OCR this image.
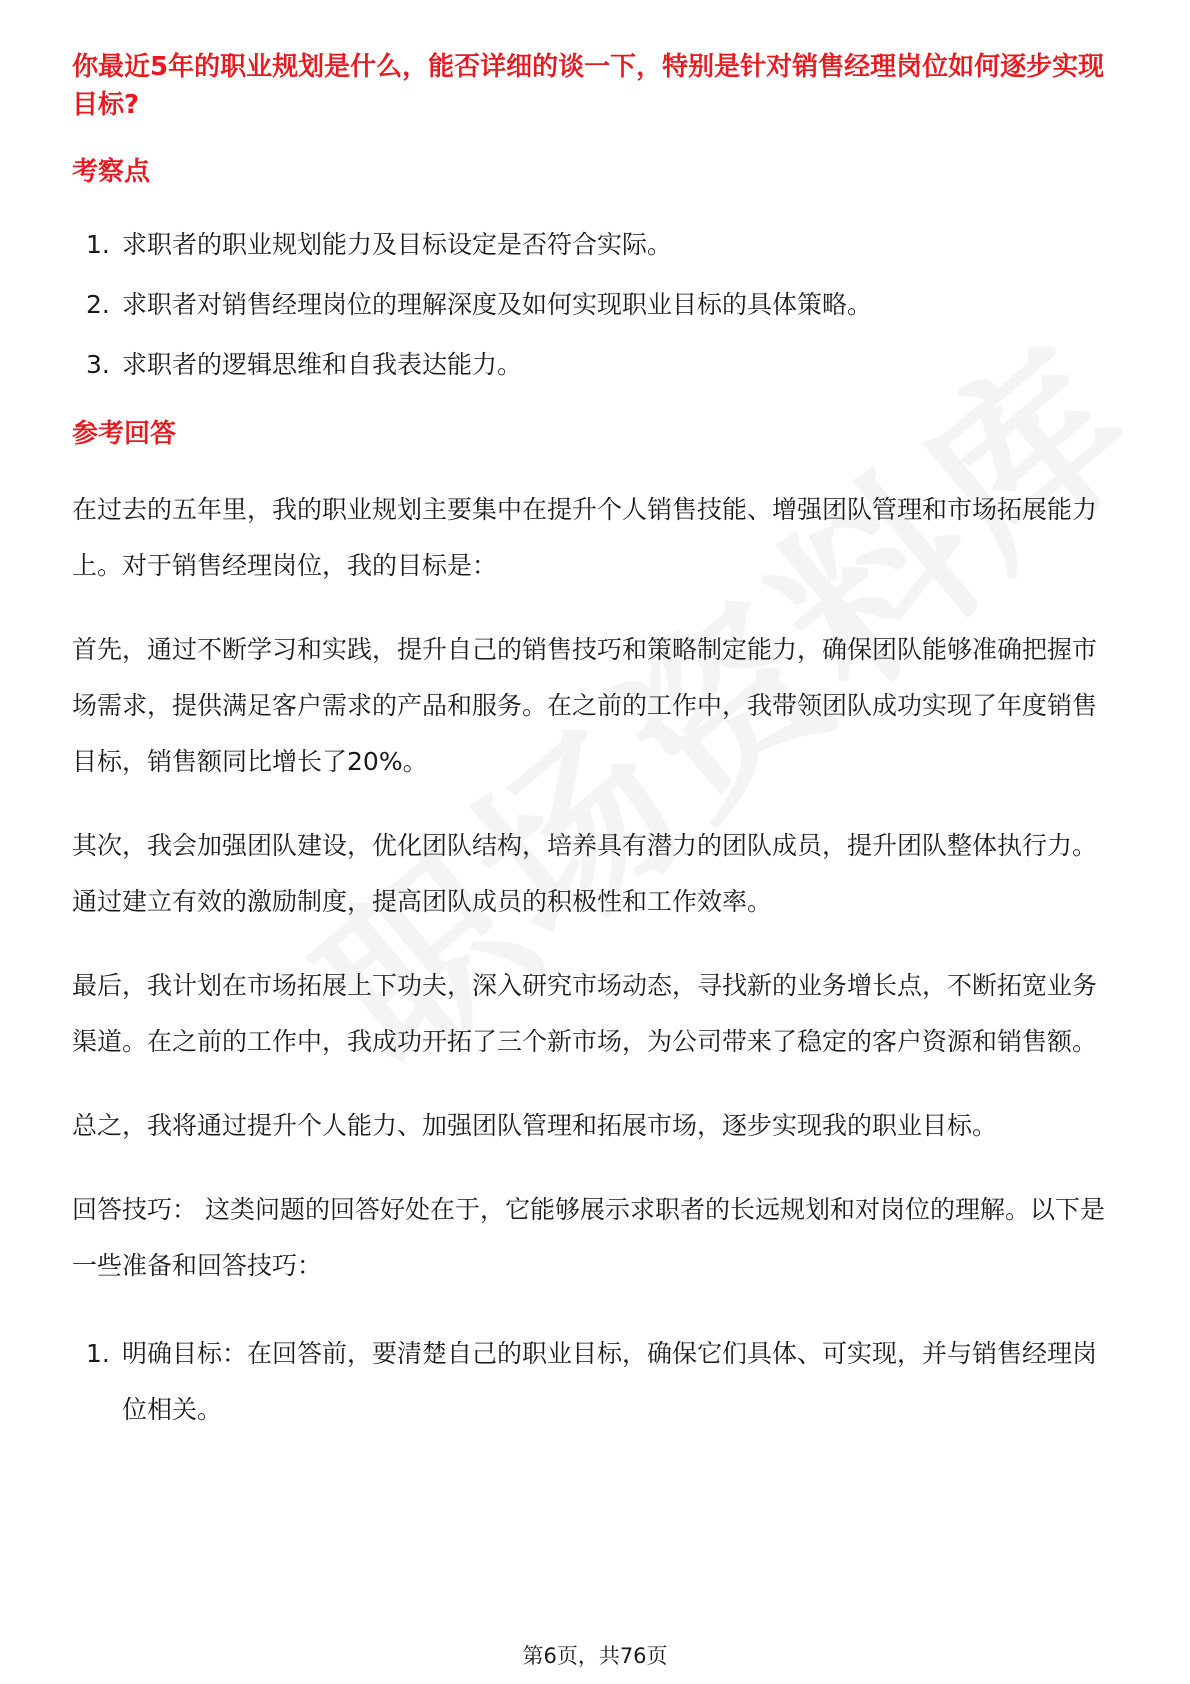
你最近5年的职业规划是什么，能否详细的谈一下，特别是针对销售经理岗位如何逐步实现目标?

考察点
1. 求职者的职业规划能力及目标设定是否符合实际。
2. 求职者对销售经理岗位的理解深度及如何实现职业目标的具体策略。
3. 求职者的逻辑思维和自我表达能力。
参考回答

在过去的五年里，我的职业规划主要集中在提升个人销售技能、增强团队管理和市场拓展能力上。对于销售经理岗位，我的目标是：

首先，通过不断学习和实践，提升自己的销售技巧和策略制定能力，确保团队能够准确把握市场需求，提供满足客户需求的产品和服务。在之前的工作中，我带领团队成功实现了年度销售目标，销售额同比增长了20%。

其次，我会加强团队建设，优化团队结构，培养具有潜力的团队成员，提升团队整体执行力。通过建立有效的激励制度，提高团队成员的积极性和工作效率。

最后，我计划在市场拓展上下功夫，深入研究市场动态，寻找新的业务增长点，不断拓宽业务渠道。在之前的工作中，我成功开拓了三个新市场，为公司带来了稳定的客户资源和销售额。

总之，我将通过提升个人能力、加强团队管理和拓展市场，逐步实现我的职业目标。

回答技巧： 这类问题的回答好处在于，它能够展示求职者的长远规划和对岗位的理解。以下是一些准备和回答技巧：

1. 明确目标：在回答前，要清楚自己的职业目标，确保它们具体、可实现，并与销售经理岗位相关。
第6页，共76页
